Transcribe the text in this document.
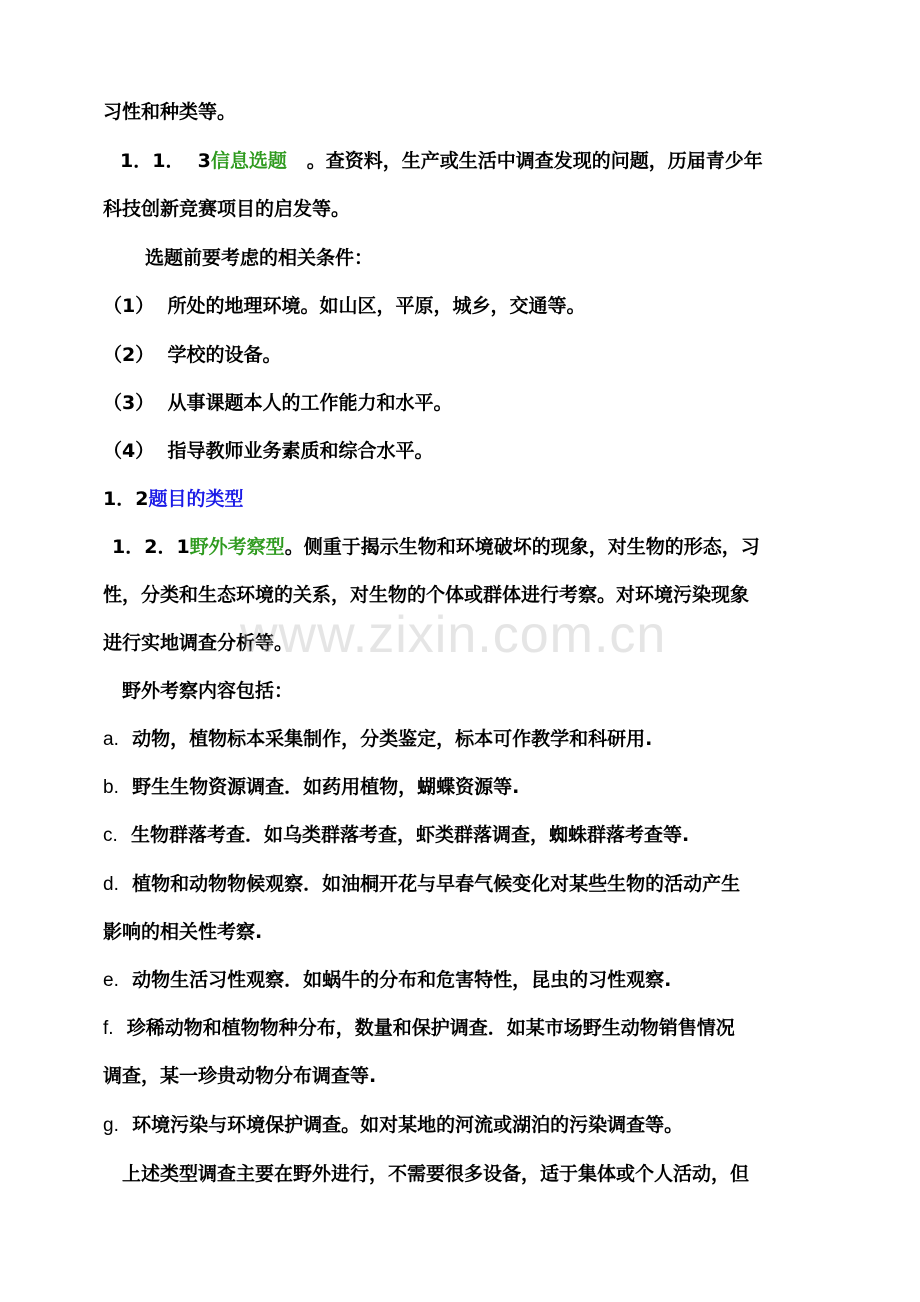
习性和种类等。
1．1．  3信息选题   。查资料，生产或生活中调查发现的问题，历届青少年
科技创新竞赛项目的启发等。
选题前要考虑的相关条件：
（1）  所处的地理环境。如山区，平原，城乡，交通等。
（2）  学校的设备。
（3）  从事课题本人的工作能力和水平。
（4）  指导教师业务素质和综合水平。
1．2题目的类型
1．2．1野外考察型。侧重于揭示生物和环境破坏的现象，对生物的形态，习
性，分类和生态环境的关系，对生物的个体或群体进行考察。对环境污染现象
进行实地调查分析等。
野外考察内容包括：
a.  动物，植物标本采集制作，分类鉴定，标本可作教学和科研用.
b.  野生生物资源调查．如药用植物，蝴蝶资源等.
c.  生物群落考查．如乌类群落考查，虾类群落调查，蜘蛛群落考查等.
d.  植物和动物物候观察．如油桐开花与早春气候变化对某些生物的活动产生
影响的相关性考察.
e.  动物生活习性观察．如蜗牛的分布和危害特性，昆虫的习性观察.
f.  珍稀动物和植物物种分布，数量和保护调查．如某市场野生动物销售情况
调查，某一珍贵动物分布调查等.
g.  环境污染与环境保护调查。如对某地的河流或湖泊的污染调查等。
上述类型调查主要在野外进行，不需要很多设备，适于集体或个人活动，但
www.zixin.com.cn
